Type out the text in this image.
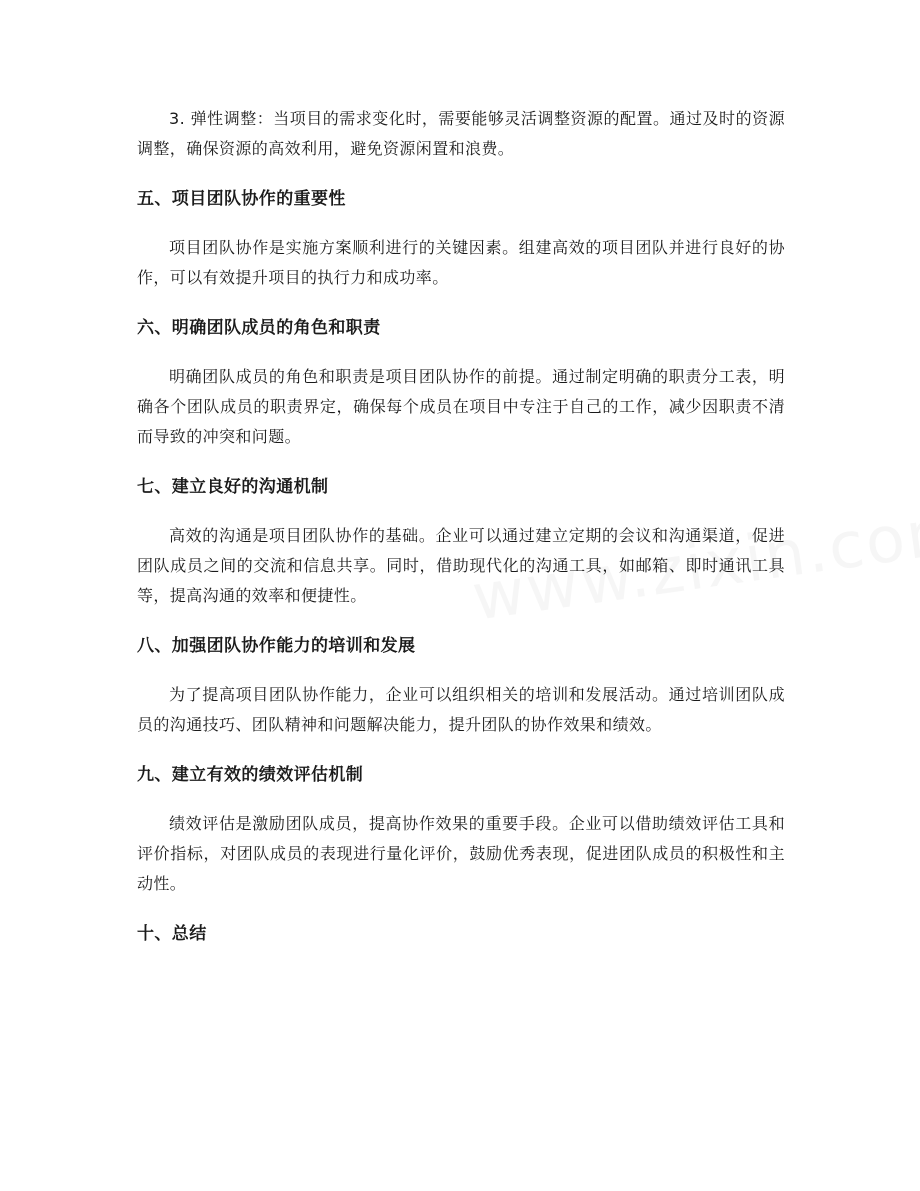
3. 弹性调整：当项目的需求变化时，需要能够灵活调整资源的配置。通过及时的资源调整，确保资源的高效利用，避免资源闲置和浪费。

五、项目团队协作的重要性

项目团队协作是实施方案顺利进行的关键因素。组建高效的项目团队并进行良好的协作，可以有效提升项目的执行力和成功率。

六、明确团队成员的角色和职责

明确团队成员的角色和职责是项目团队协作的前提。通过制定明确的职责分工表，明确各个团队成员的职责界定，确保每个成员在项目中专注于自己的工作，减少因职责不清而导致的冲突和问题。

七、建立良好的沟通机制

高效的沟通是项目团队协作的基础。企业可以通过建立定期的会议和沟通渠道，促进团队成员之间的交流和信息共享。同时，借助现代化的沟通工具，如邮箱、即时通讯工具等，提高沟通的效率和便捷性。

八、加强团队协作能力的培训和发展

为了提高项目团队协作能力，企业可以组织相关的培训和发展活动。通过培训团队成员的沟通技巧、团队精神和问题解决能力，提升团队的协作效果和绩效。

九、建立有效的绩效评估机制

绩效评估是激励团队成员，提高协作效果的重要手段。企业可以借助绩效评估工具和评价指标，对团队成员的表现进行量化评价，鼓励优秀表现，促进团队成员的积极性和主动性。

十、总结
